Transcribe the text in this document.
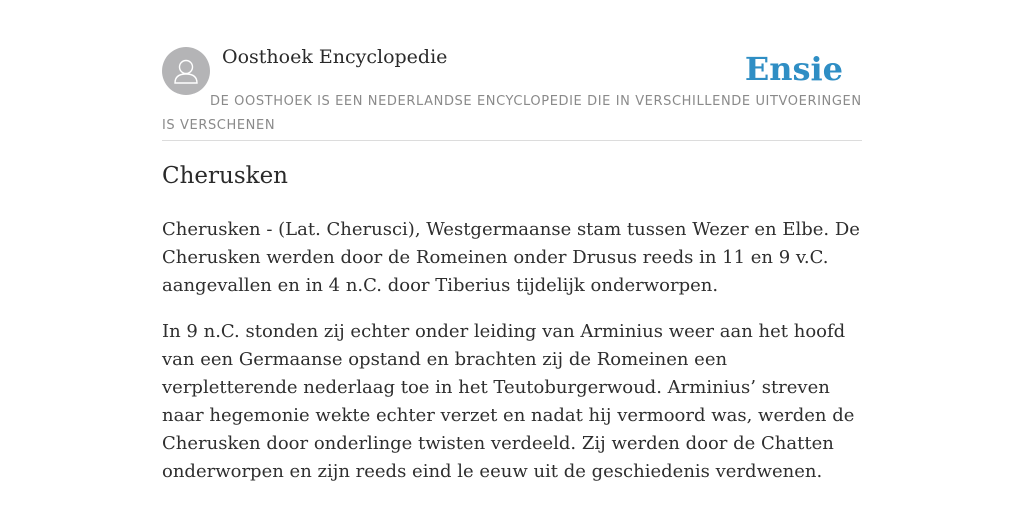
Oosthoek Encyclopedie	Ensie
DE OOSTHOEK IS EEN NEDERLANDSE ENCYCLOPEDIE DIE IN VERSCHILLENDE UITVOERINGEN IS VERSCHENEN
Cherusken

Cherusken - (Lat. Cherusci), Westgermaanse stam tussen Wezer en Elbe. De Cherusken werden door de Romeinen onder Drusus reeds in 11 en 9 v.C. aangevallen en in 4 n.C. door Tiberius tijdelijk onderworpen.

In 9 n.C. stonden zij echter onder leiding van Arminius weer aan het hoofd van een Germaanse opstand en brachten zij de Romeinen een verpletterende nederlaag toe in het Teutoburgerwoud. Arminius’ streven naar hegemonie wekte echter verzet en nadat hij vermoord was, werden de Cherusken door onderlinge twisten verdeeld. Zij werden door de Chatten onderworpen en zijn reeds eind le eeuw uit de geschiedenis verdwenen.
